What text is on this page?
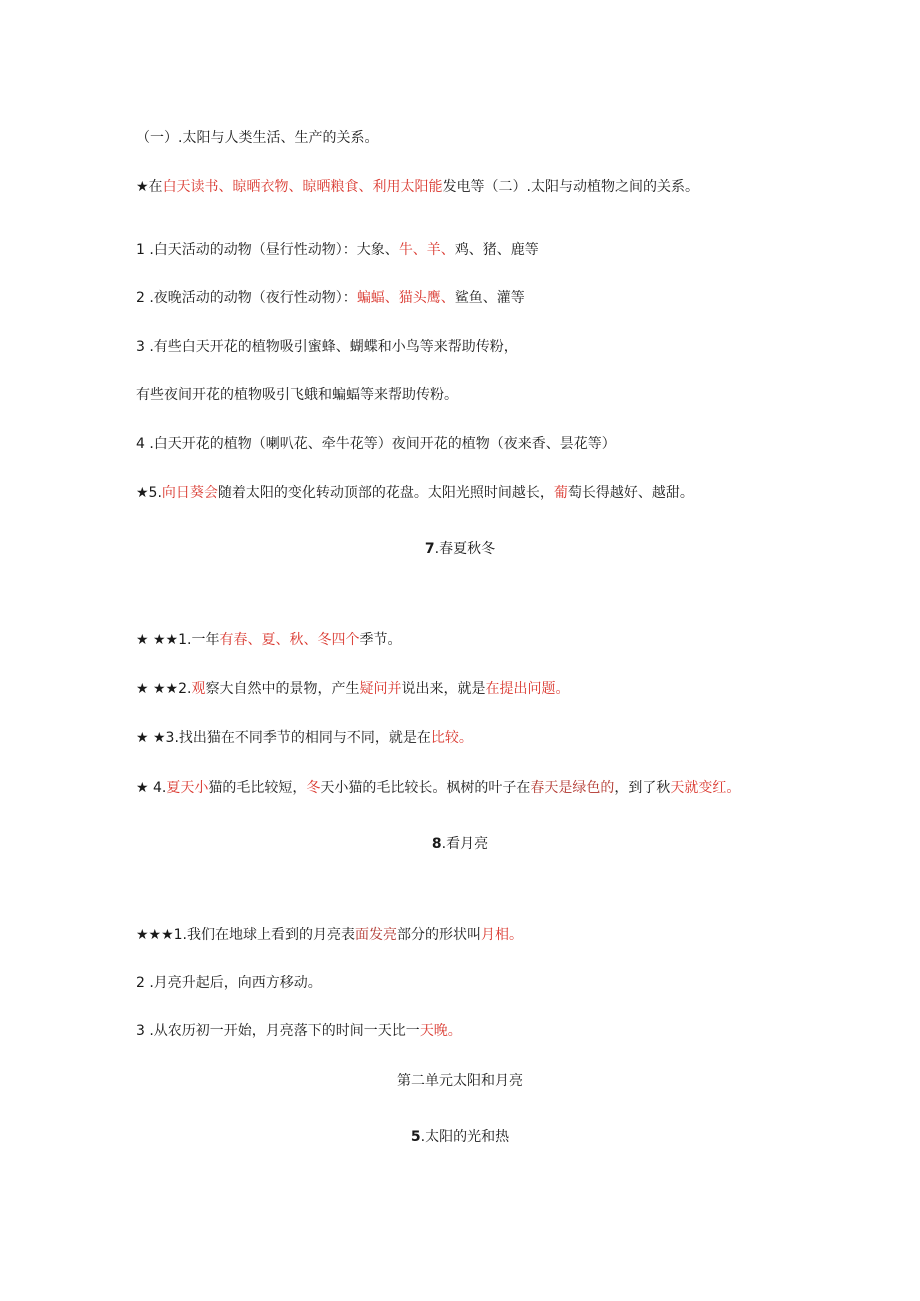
（一）.太阳与人类生活、生产的关系。
★在白天读书、晾晒衣物、晾晒粮食、利用太阳能发电等（二）.太阳与动植物之间的关系。
1 .白天活动的动物（昼行性动物）：大象、牛、羊、鸡、猪、鹿等
2 .夜晚活动的动物（夜行性动物）：蝙蝠、猫头鹰、鲨鱼、灌等
3 .有些白天开花的植物吸引蜜蜂、蝴蝶和小鸟等来帮助传粉，
有些夜间开花的植物吸引飞蛾和蝙蝠等来帮助传粉。
4 .白天开花的植物（喇叭花、牵牛花等）夜间开花的植物（夜来香、昙花等）
★5.向日葵会随着太阳的变化转动顶部的花盘。太阳光照时间越长，葡萄长得越好、越甜。
7.春夏秋冬
★ ★★1.一年有春、夏、秋、冬四个季节。
★ ★★2.观察大自然中的景物，产生疑问并说出来，就是在提出问题。
★ ★3.找出猫在不同季节的相同与不同，就是在比较。
★ 4.夏天小猫的毛比较短，冬天小猫的毛比较长。枫树的叶子在春天是绿色的，到了秋天就变红。
8.看月亮
★★★1.我们在地球上看到的月亮表面发亮部分的形状叫月相。
2 .月亮升起后，向西方移动。
3 .从农历初一开始，月亮落下的时间一天比一天晚。
第二单元太阳和月亮
5.太阳的光和热
